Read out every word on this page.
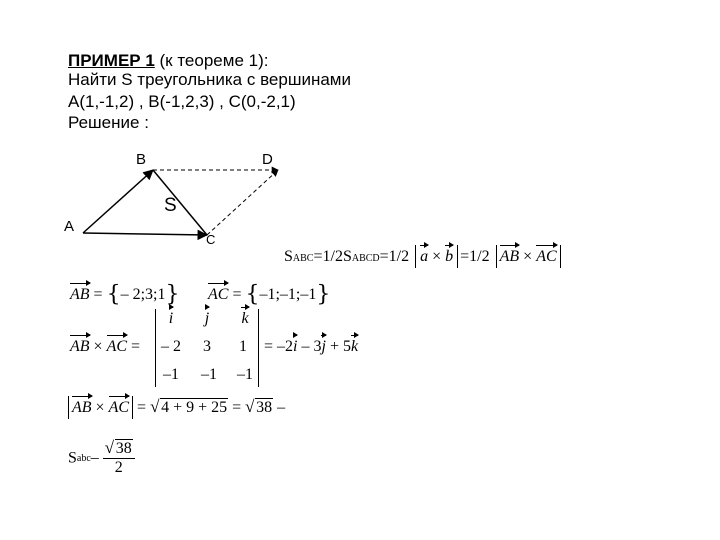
ПРИМЕР 1 (к теореме 1):
Найти S треугольника с вершинами
A(1,-1,2) , B(-1,2,3) , C(0,-2,1)
Решение :
A
B
C
D
S
SABC=1/2SABCD=1/2 a × b =1/2 AB × AC
AB = {– 2;3;1} AC = {–1;–1;–1}
AB × AC =
i	j	k
– 2	3	1
–1	–1	–1
= –2i – 3j + 5k
AB × AC = √ 4 + 9 + 25 = √ 38 –
Sabc–
√ $\frac{38}{2}$
